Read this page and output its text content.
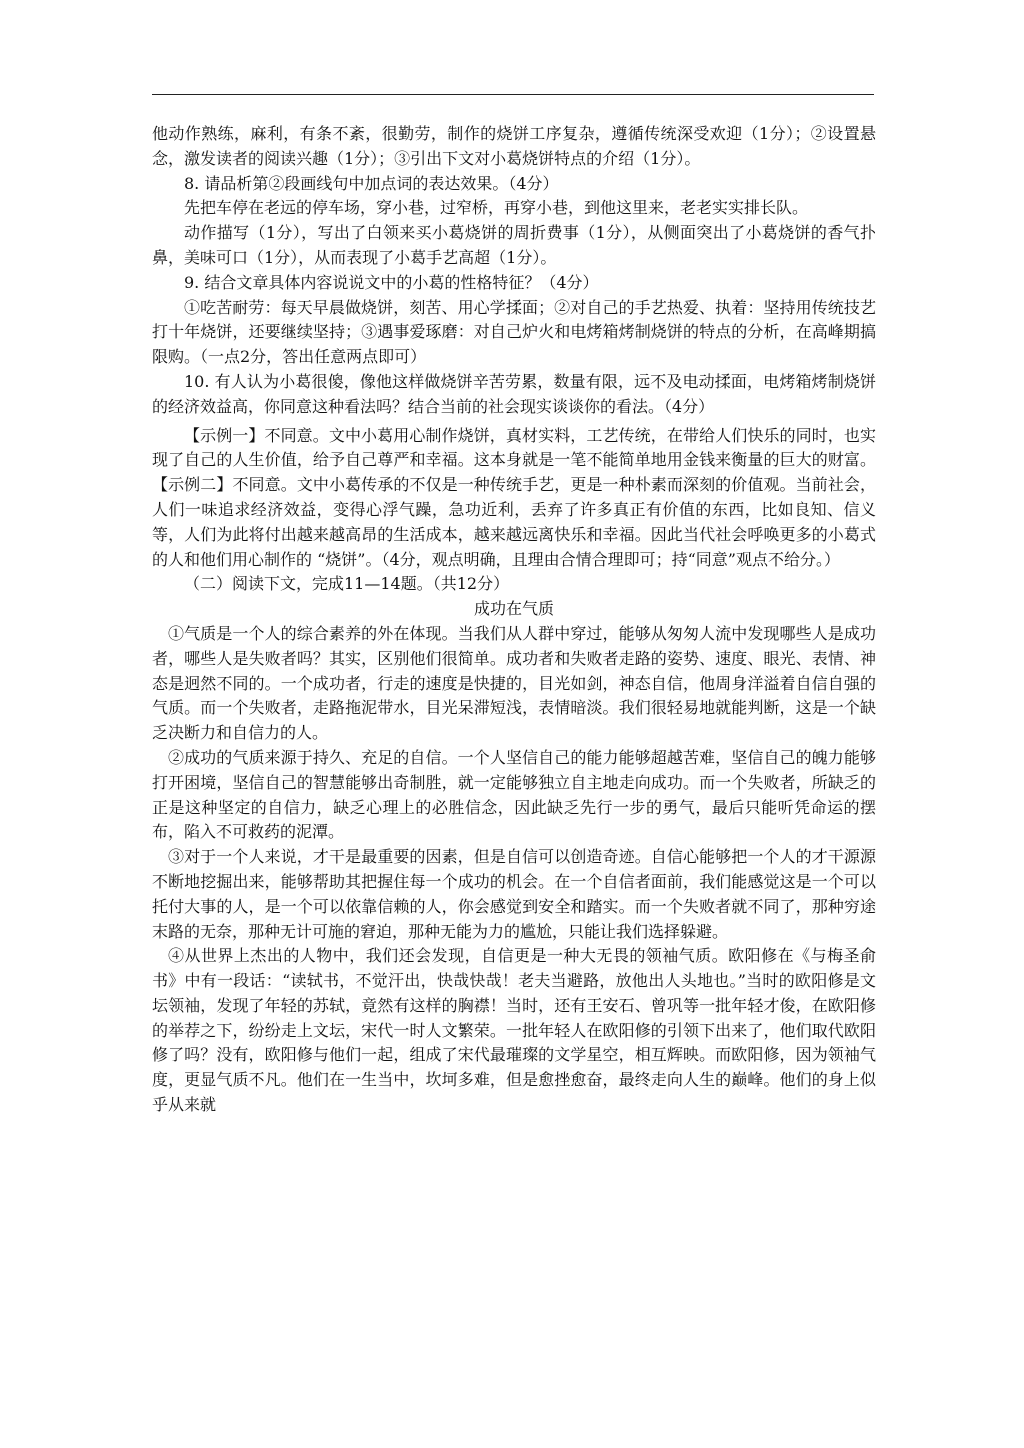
他动作熟练，麻利，有条不紊，很勤劳，制作的烧饼工序复杂，遵循传统深受欢迎（1分）；②设置悬念，激发读者的阅读兴趣（1分）；③引出下文对小葛烧饼特点的介绍（1分）。

8. 请品析第②段画线句中加点词的表达效果。（4分）

先把车停在老远的停车场，穿小巷，过窄桥，再穿小巷，到他这里来，老老实实排长队。

动作描写（1分），写出了白领来买小葛烧饼的周折费事（1分），从侧面突出了小葛烧饼的香气扑鼻，美味可口（1分），从而表现了小葛手艺高超（1分）。

9. 结合文章具体内容说说文中的小葛的性格特征？（4分）

①吃苦耐劳：每天早晨做烧饼，刻苦、用心学揉面；②对自己的手艺热爱、执着：坚持用传统技艺打十年烧饼，还要继续坚持；③遇事爱琢磨：对自己炉火和电烤箱烤制烧饼的特点的分析，在高峰期搞限购。（一点2分，答出任意两点即可）

10. 有人认为小葛很傻，像他这样做烧饼辛苦劳累，数量有限，远不及电动揉面，电烤箱烤制烧饼的经济效益高，你同意这种看法吗？结合当前的社会现实谈谈你的看法。（4分）

【示例一】不同意。文中小葛用心制作烧饼，真材实料，工艺传统，在带给人们快乐的同时，也实现了自己的人生价值，给予自己尊严和幸福。这本身就是一笔不能简单地用金钱来衡量的巨大的财富。【示例二】不同意。文中小葛传承的不仅是一种传统手艺，更是一种朴素而深刻的价值观。当前社会，人们一味追求经济效益，变得心浮气躁，急功近利，丢弃了许多真正有价值的东西，比如良知、信义等，人们为此将付出越来越高昂的生活成本，越来越远离快乐和幸福。因此当代社会呼唤更多的小葛式的人和他们用心制作的 “烧饼”。（4分，观点明确，且理由合情合理即可；持“同意”观点不给分。）

（二）阅读下文，完成11—14题。（共12分）

成功在气质

①气质是一个人的综合素养的外在体现。当我们从人群中穿过，能够从匆匆人流中发现哪些人是成功者，哪些人是失败者吗？其实，区别他们很简单。成功者和失败者走路的姿势、速度、眼光、表情、神态是迥然不同的。一个成功者，行走的速度是快捷的，目光如剑，神态自信，他周身洋溢着自信自强的气质。而一个失败者，走路拖泥带水，目光呆滞短浅，表情暗淡。我们很轻易地就能判断，这是一个缺乏决断力和自信力的人。

②成功的气质来源于持久、充足的自信。一个人坚信自己的能力能够超越苦难，坚信自己的魄力能够打开困境，坚信自己的智慧能够出奇制胜，就一定能够独立自主地走向成功。而一个失败者，所缺乏的正是这种坚定的自信力，缺乏心理上的必胜信念，因此缺乏先行一步的勇气，最后只能听凭命运的摆布，陷入不可救药的泥潭。

③对于一个人来说，才干是最重要的因素，但是自信可以创造奇迹。自信心能够把一个人的才干源源不断地挖掘出来，能够帮助其把握住每一个成功的机会。在一个自信者面前，我们能感觉这是一个可以托付大事的人，是一个可以依靠信赖的人，你会感觉到安全和踏实。而一个失败者就不同了，那种穷途末路的无奈，那种无计可施的窘迫，那种无能为力的尴尬，只能让我们选择躲避。

④从世界上杰出的人物中，我们还会发现，自信更是一种大无畏的领袖气质。欧阳修在《与梅圣俞书》中有一段话：“读轼书，不觉汗出，快哉快哉！老夫当避路，放他出人头地也。”当时的欧阳修是文坛领袖，发现了年轻的苏轼，竟然有这样的胸襟！当时，还有王安石、曾巩等一批年轻才俊，在欧阳修的举荐之下，纷纷走上文坛，宋代一时人文繁荣。一批年轻人在欧阳修的引领下出来了，他们取代欧阳修了吗？没有，欧阳修与他们一起，组成了宋代最璀璨的文学星空，相互辉映。而欧阳修，因为领袖气度，更显气质不凡。他们在一生当中，坎坷多难，但是愈挫愈奋，最终走向人生的巅峰。他们的身上似乎从来就
